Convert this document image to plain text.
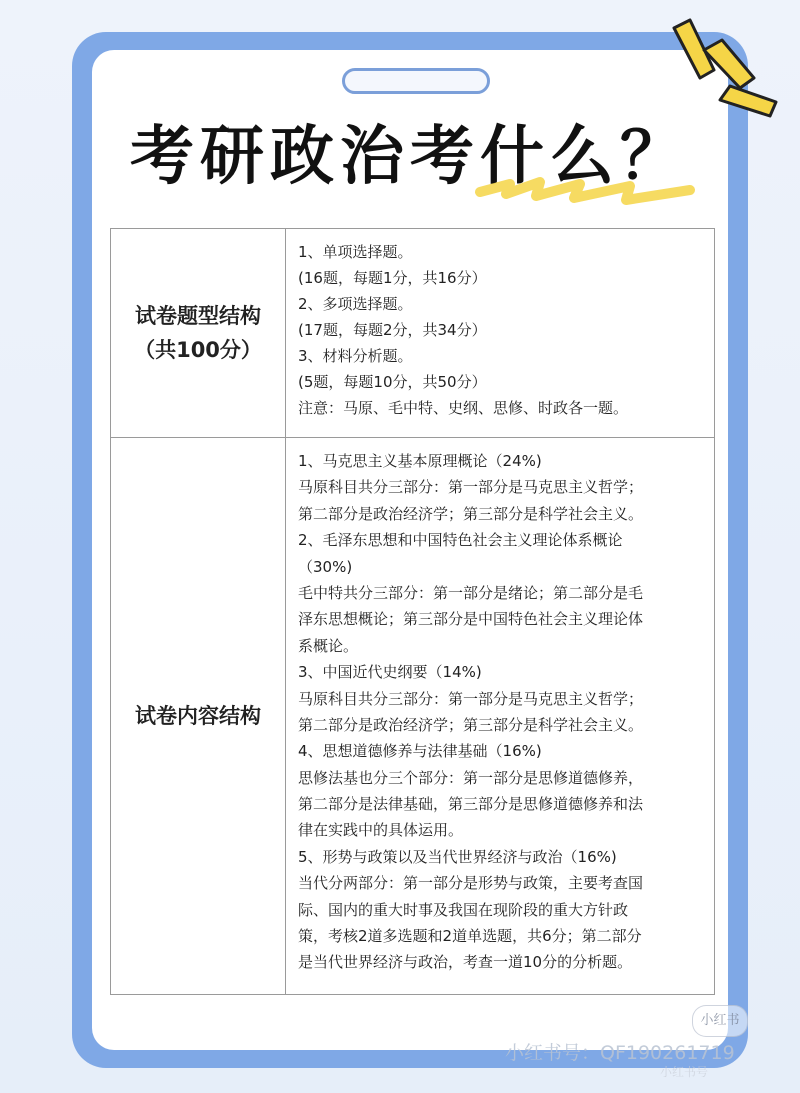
考研政治考什么？
试卷题型结构
（共100分）
1、单项选择题。
(16题，每题1分，共16分）
2、多项选择题。
(17题，每题2分，共34分）
3、材料分析题。
(5题，每题10分，共50分）
注意：马原、毛中特、史纲、思修、时政各一题。
试卷内容结构
1、马克思主义基本原理概论（24%)
马原科目共分三部分：第一部分是马克思主义哲学；
第二部分是政治经济学；第三部分是科学社会主义。
2、毛泽东思想和中国特色社会主义理论体系概论
（30%)
毛中特共分三部分：第一部分是绪论；第二部分是毛
泽东思想概论；第三部分是中国特色社会主义理论体
系概论。
3、中国近代史纲要（14%)
马原科目共分三部分：第一部分是马克思主义哲学；
第二部分是政治经济学；第三部分是科学社会主义。
4、思想道德修养与法律基础（16%)
思修法基也分三个部分：第一部分是思修道德修养，
第二部分是法律基础，第三部分是思修道德修养和法
律在实践中的具体运用。
5、形势与政策以及当代世界经济与政治（16%)
当代分两部分：第一部分是形势与政策，主要考查国
际、国内的重大时事及我国在现阶段的重大方针政
策，考核2道多选题和2道单选题，共6分；第二部分
是当代世界经济与政治，考查一道10分的分析题。
小红书
小红书号：QF19026171​9
小红书号
